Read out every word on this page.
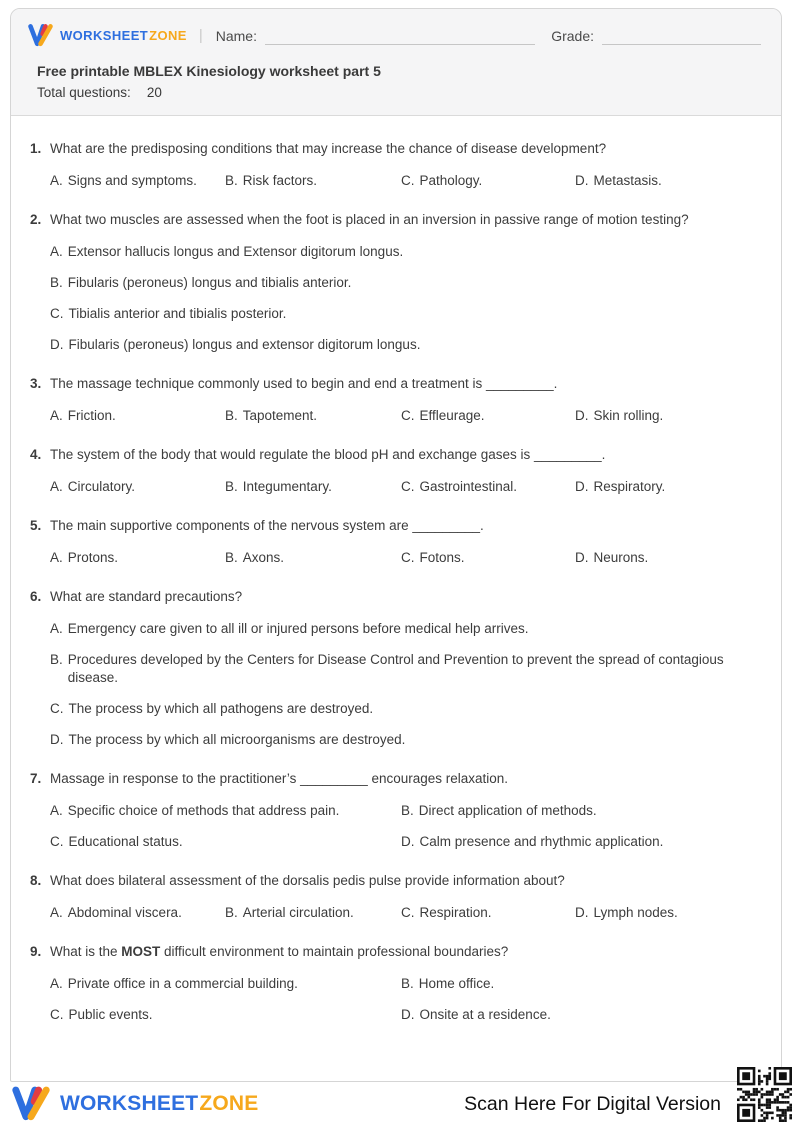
WORKSHEETZONE | Name:	Grade:
Free printable MBLEX Kinesiology worksheet part 5
Total questions: 20
1. What are the predisposing conditions that may increase the chance of disease development?
A. Signs and symptoms.	B. Risk factors.	C. Pathology.	D. Metastasis.
2. What two muscles are assessed when the foot is placed in an inversion in passive range of motion testing?
A. Extensor hallucis longus and Extensor digitorum longus.
B. Fibularis (peroneus) longus and tibialis anterior.
C. Tibialis anterior and tibialis posterior.
D. Fibularis (peroneus) longus and extensor digitorum longus.
3. The massage technique commonly used to begin and end a treatment is _________.
A. Friction.	B. Tapotement.	C. Effleurage.	D. Skin rolling.
4. The system of the body that would regulate the blood pH and exchange gases is _________.
A. Circulatory.	B. Integumentary.	C. Gastrointestinal.	D. Respiratory.
5. The main supportive components of the nervous system are _________.
A. Protons.	B. Axons.	C. Fotons.	D. Neurons.
6. What are standard precautions?
A. Emergency care given to all ill or injured persons before medical help arrives.
B. Procedures developed by the Centers for Disease Control and Prevention to prevent the spread of contagious disease.
C. The process by which all pathogens are destroyed.
D. The process by which all microorganisms are destroyed.
7. Massage in response to the practitioner’s _________ encourages relaxation.
A. Specific choice of methods that address pain.	B. Direct application of methods.
C. Educational status.	D. Calm presence and rhythmic application.
8. What does bilateral assessment of the dorsalis pedis pulse provide information about?
A. Abdominal viscera.	B. Arterial circulation.	C. Respiration.	D. Lymph nodes.
9. What is the MOST difficult environment to maintain professional boundaries?
A. Private office in a commercial building.	B. Home office.
C. Public events.	D. Onsite at a residence.
WORKSHEETZONE	Scan Here For Digital Version
